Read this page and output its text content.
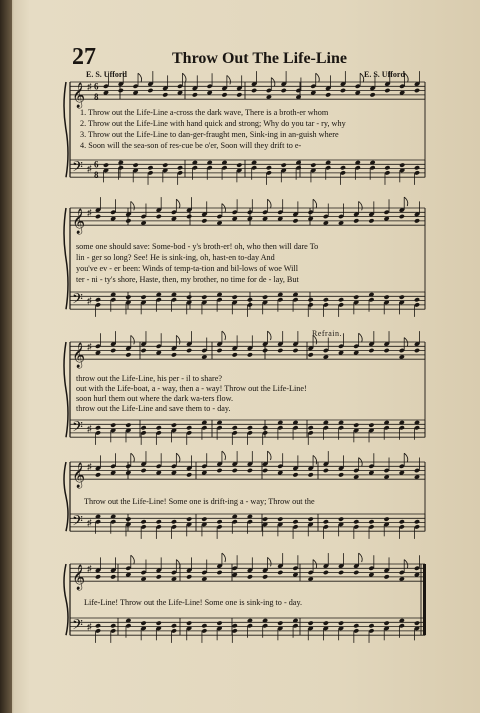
27	Throw Out The Life-Line
E. S. Ufford	E. S. Ufford
Refrain.
𝄞
𝄢
♯
♯
6
8
6
8
𝄞
𝄢
♯
♯
𝄞
𝄢
♯
♯
𝄞
𝄢
♯
♯
𝄞
𝄢
♯
♯
1. Throw out the Life-Line a-cross the dark wave, There is a broth-er whom
2. Throw out the Life-Line with hand quick and strong; Why do you tar - ry, why
3. Throw out the Life-Line to dan-ger-fraught men, Sink-ing in an-guish where
4. Soon will the sea-son of res-cue be o'er, Soon will they drift to e-
some one should save: Some-bod - y's broth-er! oh, who then will dare To
lin - ger so long? See! He is sink-ing, oh, hast-en to-day And
you've ev - er been: Winds of temp-ta-tion and bil-lows of woe Will
ter - ni - ty's shore, Haste, then, my brother, no time for de - lay, But
throw out the Life-Line, his per - il to share?
out with the Life-boat, a - way, then a - way! Throw out the Life-Line!
soon hurl them out where the dark wa-ters flow.
throw out the Life-Line and save them to - day.
Throw out the Life-Line! Some one is drift-ing a - way; Throw out the
Life-Line! Throw out the Life-Line! Some one is sink-ing to - day.
